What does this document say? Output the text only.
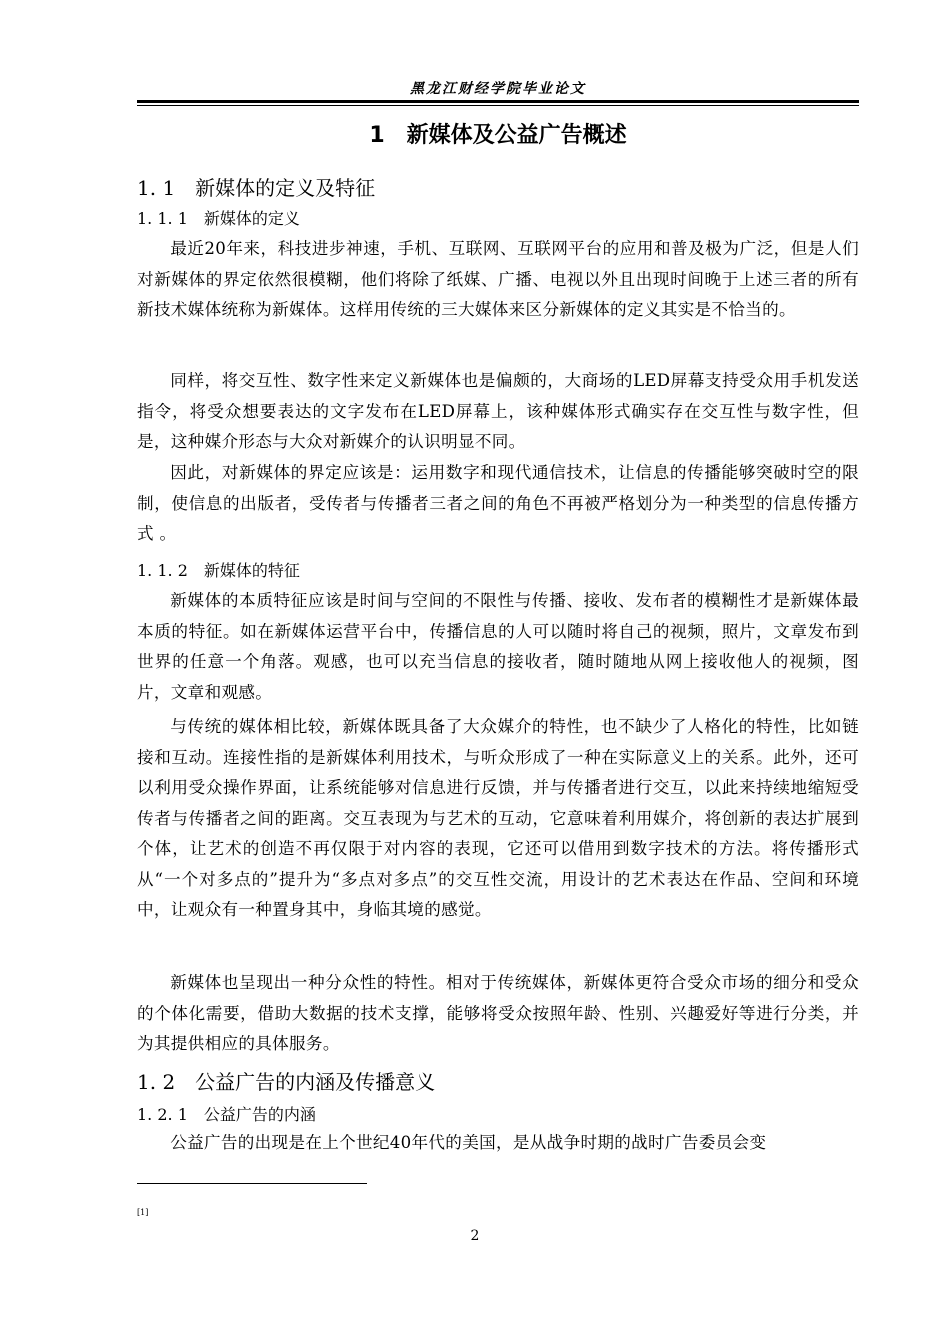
黑龙江财经学院毕业论文
1　新媒体及公益广告概述
1. 1　 新媒体的定义及特征
1. 1. 1　 新媒体的定义

最近20年来，科技进步神速，手机、互联网、互联网平台的应用和普及极为广泛，但是人们对新媒体的界定依然很模糊，他们将除了纸媒、广播、电视以外且出现时间晚于上述三者的所有新技术媒体统称为新媒体。这样用传统的三大媒体来区分新媒体的定义其实是不恰当的。

同样，将交互性、数字性来定义新媒体也是偏颇的，大商场的LED屏幕支持受众用手机发送指令，将受众想要表达的文字发布在LED屏幕上，该种媒体形式确实存在交互性与数字性，但是，这种媒介形态与大众对新媒介的认识明显不同。

因此，对新媒体的界定应该是：运用数字和现代通信技术，让信息的传播能够突破时空的限制，使信息的出版者，受传者与传播者三者之间的角色不再被严格划分为一种类型的信息传播方式 。

1. 1. 2　 新媒体的特征

新媒体的本质特征应该是时间与空间的不限性与传播、接收、发布者的模糊性才是新媒体最本质的特征。如在新媒体运营平台中，传播信息的人可以随时将自己的视频，照片，文章发布到世界的任意一个角落。观感，也可以充当信息的接收者，随时随地从网上接收他人的视频，图片，文章和观感。

与传统的媒体相比较，新媒体既具备了大众媒介的特性，也不缺少了人格化的特性，比如链接和互动。连接性指的是新媒体利用技术，与听众形成了一种在实际意义上的关系。此外，还可以利用受众操作界面，让系统能够对信息进行反馈，并与传播者进行交互，以此来持续地缩短受传者与传播者之间的距离。交互表现为与艺术的互动，它意味着利用媒介，将创新的表达扩展到个体，让艺术的创造不再仅限于对内容的表现，它还可以借用到数字技术的方法。将传播形式从“一个对多点的”提升为“多点对多点”的交互性交流，用设计的艺术表达在作品、空间和环境中，让观众有一种置身其中，身临其境的感觉。

新媒体也呈现出一种分众性的特性。相对于传统媒体，新媒体更符合受众市场的细分和受众的个体化需要，借助大数据的技术支撑，能够将受众按照年龄、性别、兴趣爱好等进行分类，并为其提供相应的具体服务。

1. 2　 公益广告的内涵及传播意义
1. 2. 1　 公益广告的内涵

公益广告的出现是在上个世纪40年代的美国，是从战争时期的战时广告委员会变

[1]
2
